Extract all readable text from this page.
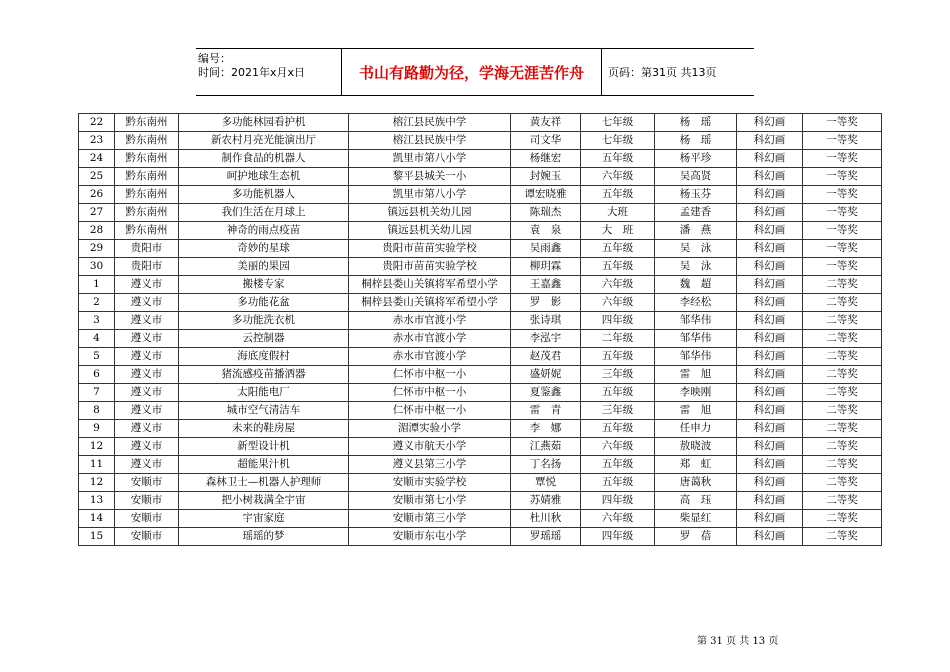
编号：
时间：2021年x月x日	书山有路勤为径，学海无涯苦作舟	页码：第31页 共13页
22	黔东南州	多功能林园看护机	榕江县民族中学	黄友祥	七年级	杨　瑶	科幻画	一等奖
23	黔东南州	新农村月亮光能演出厅	榕江县民族中学	司文华	七年级	杨　瑶	科幻画	一等奖
24	黔东南州	制作食品的机器人	凯里市第八小学	杨继宏	五年级	杨平珍	科幻画	一等奖
25	黔东南州	呵护地球生态机	黎平县城关一小	封婉玉	六年级	吴高贤	科幻画	一等奖
26	黔东南州	多功能机器人	凯里市第八小学	谭宏晓雅	五年级	杨玉芬	科幻画	一等奖
27	黔东南州	我们生活在月球上	镇远县机关幼儿园	陈瑞杰	大班	孟建香	科幻画	一等奖
28	黔东南州	神奇的雨点疫苗	镇远县机关幼儿园	袁　泉	大　班	潘　燕	科幻画	一等奖
29	贵阳市	奇妙的星球	贵阳市苗苗实验学校	吴雨鑫	五年级	吴　泳	科幻画	一等奖
30	贵阳市	美丽的果园	贵阳市苗苗实验学校	柳玥霖	五年级	吴　泳	科幻画	一等奖
1	遵义市	搬楼专家	桐梓县娄山关镇将军希望小学	王嘉鑫	六年级	魏　超	科幻画	二等奖
2	遵义市	多功能花盆	桐梓县娄山关镇将军希望小学	罗　影	六年级	李经松	科幻画	二等奖
3	遵义市	多功能洗衣机	赤水市官渡小学	张诗琪	四年级	邹华伟	科幻画	二等奖
4	遵义市	云控制器	赤水市官渡小学	李泓宇	二年级	邹华伟	科幻画	二等奖
5	遵义市	海底度假村	赤水市官渡小学	赵茂君	五年级	邹华伟	科幻画	二等奖
6	遵义市	猪流感疫苗播洒器	仁怀市中枢一小	盛妍妮	三年级	雷　旭	科幻画	二等奖
7	遵义市	太阳能电厂	仁怀市中枢一小	夏鉴鑫	五年级	李映刚	科幻画	二等奖
8	遵义市	城市空气清洁车	仁怀市中枢一小	雷　青	三年级	雷　旭	科幻画	二等奖
9	遵义市	未来的鞋房屋	湄潭实验小学	李　娜	五年级	任申力	科幻画	二等奖
12	遵义市	新型设计机	遵义市航天小学	江燕茹	六年级	敖晓波	科幻画	二等奖
11	遵义市	超能果汁机	遵义县第三小学	丁名扬	五年级	郑　虹	科幻画	二等奖
12	安顺市	森林卫士—机器人护理师	安顺市实验学校	覃悦	五年级	唐蔼秋	科幻画	二等奖
13	安顺市	把小树栽满全宇宙	安顺市第七小学	苏婧雅	四年级	高　珏	科幻画	二等奖
14	安顺市	宇宙家庭	安顺市第三小学	杜川秋	六年级	柴显红	科幻画	二等奖
15	安顺市	瑶瑶的梦	安顺市东屯小学	罗瑶瑶	四年级	罗　蓓	科幻画	二等奖
第 31 页 共 13 页
